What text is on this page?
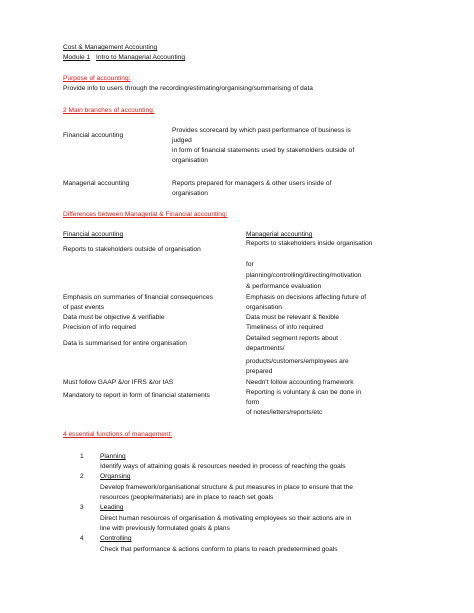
Cost & Management Accounting
Module 1 Intro to Managerial Accounting
Purpose of accounting:
Provide info to users through the recording/estimating/organising/summarising of data
2 Main branches of accounting:
Financial accounting
Provides scorecard by which past performance of business is
judged
in form of financial statements used by stakeholders outside of
organisation
Managerial accounting	Reports prepared for managers & other users inside of
organisation
Differences between Managerial & Financial accounting:
Financial accounting	Managerial accounting
Reports to stakeholders outside of organisation
Emphasis on summaries of financial consequences
of past events
Data must be objective & verifiable
Precision of info required
Data is summarised for entire organisation
Must follow GAAP &/or IFRS &/or IAS
Mandatory to report in form of financial statements
Reports to stakeholders inside organisation
for
planning/controlling/directing/motivation
& performance evaluation
Emphasis on decisions affecting future of
organisation
Data must be relevant & flexible
Timeliness of info required
Detailed segment reports about
departments/
products/customers/employees are
prepared
Needn't follow accounting framework
Reporting is voluntary & can be done in
form
of notes/letters/reports/etc
4 essential functions of management:
1 Planning
Identify ways of attaining goals & resources needed in process of reaching the goals
2 Organsing
Develop framework/organisational structure & put measures in place to ensure that the
resources (people/materials) are in place to reach set goals
3 Leading
Direct human resources of organisation & motivating employees so their actions are in
line with previously formulated goals & plans
4 Controlling
Check that performance & actions conform to plans to reach predetermined goals
